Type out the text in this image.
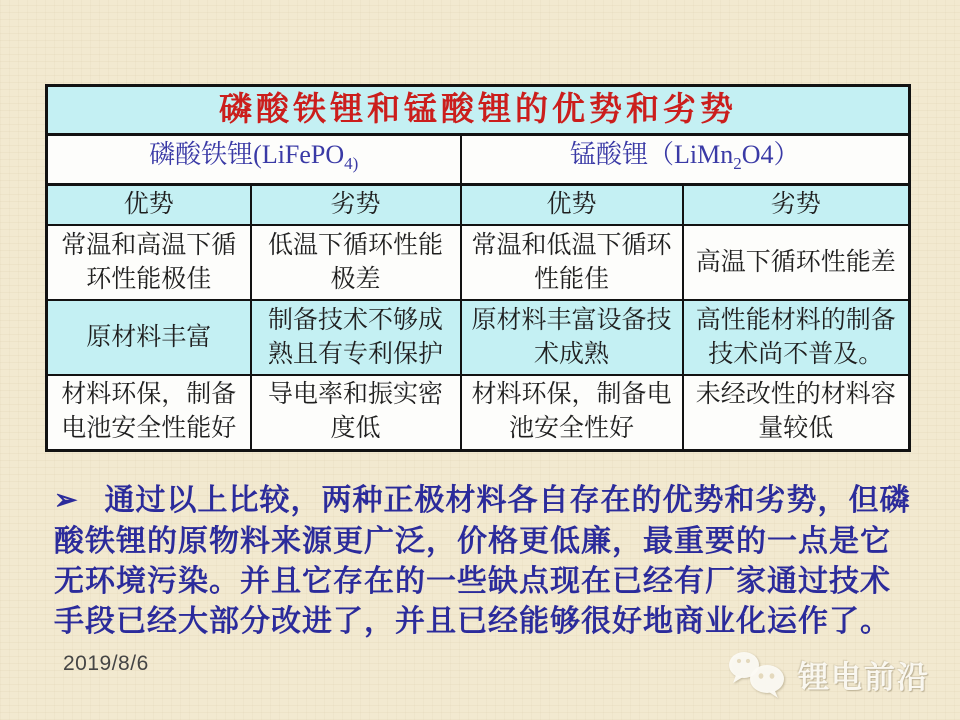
磷酸铁锂和锰酸锂的优势和劣势			
磷酸铁锂(LiFePO$_{4)}$		锰酸锂（LiMn$_2$O4）	
优势	劣势	优势	劣势
常温和高温下循环性能极佳	低温下循环性能极差	常温和低温下循环性能佳	高温下循环性能差
原材料丰富	制备技术不够成熟且有专利保护	原材料丰富设备技术成熟	高性能材料的制备技术尚不普及。
材料环保，制备电池安全性能好	导电率和振实密度低	材料环保，制备电池安全性好	未经改性的材料容量较低
➢ 通过以上比较，两种正极材料各自存在的优势和劣势，但磷
酸铁锂的原物料来源更广泛，价格更低廉，最重要的一点是它
无环境污染。并且它存在的一些缺点现在已经有厂家通过技术
手段已经大部分改进了，并且已经能够很好地商业化运作了。
2019/8/6	锂电前沿
